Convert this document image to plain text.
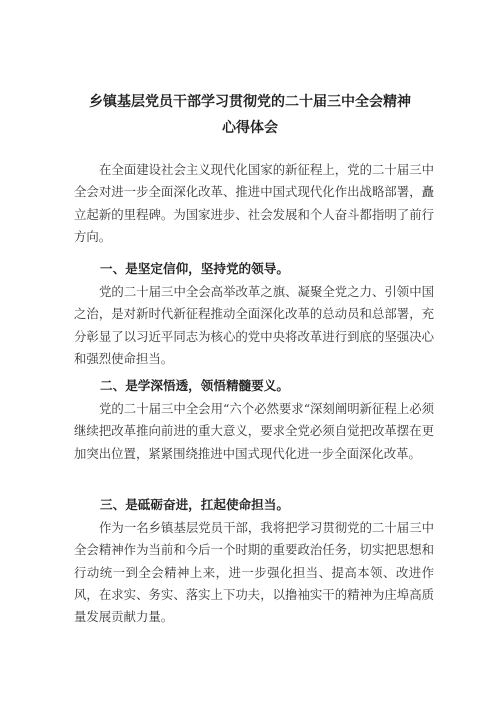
乡镇基层党员干部学习贯彻党的二十届三中全会精神
心得体会
在全面建设社会主义现代化国家的新征程上，党的二十届三中全会对进一步全面深化改革、推进中国式现代化作出战略部署，矗立起新的里程碑。为国家进步、社会发展和个人奋斗都指明了前行方向。
一、是坚定信仰，坚持党的领导。
党的二十届三中全会高举改革之旗、凝聚全党之力、引领中国之治，是对新时代新征程推动全面深化改革的总动员和总部署，充分彰显了以习近平同志为核心的党中央将改革进行到底的坚强决心和强烈使命担当。
二、是学深悟透，领悟精髓要义。
党的二十届三中全会用“六个必然要求“深刻阐明新征程上必须继续把改革推向前进的重大意义，要求全党必须自觉把改革摆在更加突出位置，紧紧围绕推进中国式现代化进一步全面深化改革。
三、是砥砺奋进，扛起使命担当。
作为一名乡镇基层党员干部，我将把学习贯彻党的二十届三中全会精神作为当前和今后一个时期的重要政治任务，切实把思想和行动统一到全会精神上来，进一步强化担当、提高本领、改进作风，在求实、务实、落实上下功夫，以撸袖实干的精神为庄埠高质量发展贡献力量。
